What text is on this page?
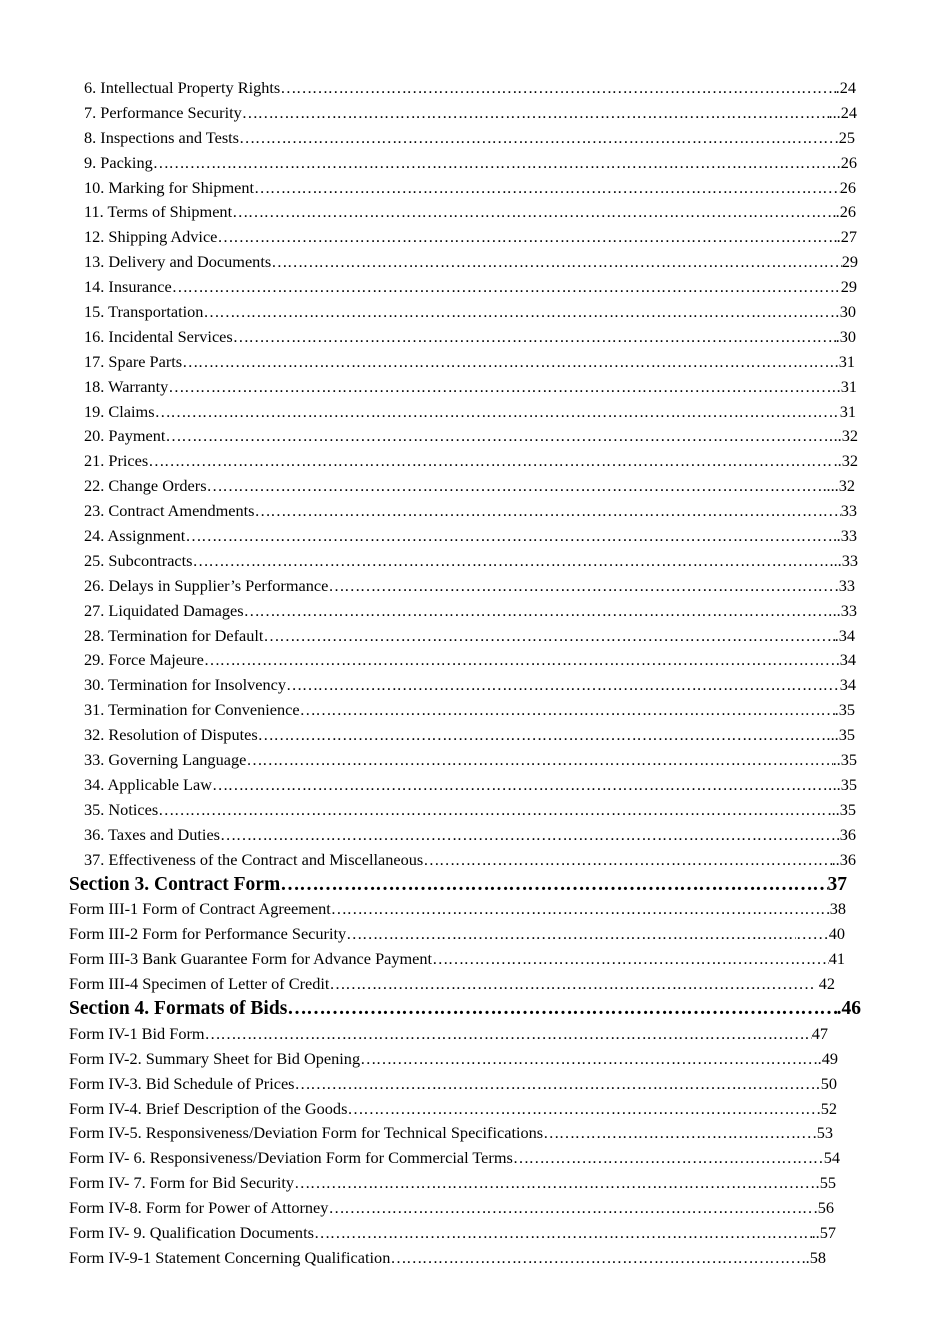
6. Intellectual Property Rights ……………………………………………………………………………………………………………………………………………………………………………………………………………	.24
7. Performance Security ……………………………………………………………………………………………………………………………………………………………………………………………………………	...24
8. Inspections and Tests ……………………………………………………………………………………………………………………………………………………………………………………………………………	.25
9. Packing ……………………………………………………………………………………………………………………………………………………………………………………………………………	.26
10. Marking for Shipment ……………………………………………………………………………………………………………………………………………………………………………………………………………	26
11. Terms of Shipment ……………………………………………………………………………………………………………………………………………………………………………………………………………	.26
12. Shipping Advice ……………………………………………………………………………………………………………………………………………………………………………………………………………	.27
13. Delivery and Documents ……………………………………………………………………………………………………………………………………………………………………………………………………………	29
14. Insurance ……………………………………………………………………………………………………………………………………………………………………………………………………………	29
15. Transportation ……………………………………………………………………………………………………………………………………………………………………………………………………………	30
16. Incidental Services ……………………………………………………………………………………………………………………………………………………………………………………………………………	.30
17. Spare Parts ……………………………………………………………………………………………………………………………………………………………………………………………………………	.31
18. Warranty ……………………………………………………………………………………………………………………………………………………………………………………………………………	.31
19. Claims ……………………………………………………………………………………………………………………………………………………………………………………………………………	31
20. Payment ……………………………………………………………………………………………………………………………………………………………………………………………………………	..32
21. Prices ……………………………………………………………………………………………………………………………………………………………………………………………………………	..32
22. Change Orders ……………………………………………………………………………………………………………………………………………………………………………………………………………	...32
23. Contract Amendments ……………………………………………………………………………………………………………………………………………………………………………………………………………	33
24. Assignment ……………………………………………………………………………………………………………………………………………………………………………………………………………	.33
25. Subcontracts ……………………………………………………………………………………………………………………………………………………………………………………………………………	...33
26. Delays in Supplier’s Performance ……………………………………………………………………………………………………………………………………………………………………………………………………………	.33
27. Liquidated Damages ……………………………………………………………………………………………………………………………………………………………………………………………………………	..33
28. Termination for Default ……………………………………………………………………………………………………………………………………………………………………………………………………………	.34
29. Force Majeure ……………………………………………………………………………………………………………………………………………………………………………………………………………	34
30. Termination for Insolvency ……………………………………………………………………………………………………………………………………………………………………………………………………………	34
31. Termination for Convenience ……………………………………………………………………………………………………………………………………………………………………………………………………………	.35
32. Resolution of Disputes ……………………………………………………………………………………………………………………………………………………………………………………………………………	..35
33. Governing Language ……………………………………………………………………………………………………………………………………………………………………………………………………………	..35
34. Applicable Law ……………………………………………………………………………………………………………………………………………………………………………………………………………	..35
35. Notices ……………………………………………………………………………………………………………………………………………………………………………………………………………	...35
36. Taxes and Duties ……………………………………………………………………………………………………………………………………………………………………………………………………………	36
37. Effectiveness of the Contract and Miscellaneous ……………………………………………………………………………………………………………………………………………………………………………………………………………	..36
Section 3. Contract Form ……………………………………………………………………………………………………………………………………………………………………………………………………………	37
Form III-1 Form of Contract Agreement ……………………………………………………………………………………………………………………………………………………………………………………………………………	38
Form III-2 Form for Performance Security ……………………………………………………………………………………………………………………………………………………………………………………………………………	……40
Form III-3 Bank Guarantee Form for Advance Payment ……………………………………………………………………………………………………………………………………………………………………………………………………………	41
Form III-4 Specimen of Letter of Credit ……………………………………………………………………………………………………………………………………………………………………………………………………………	……… 42
Section 4. Formats of Bids ……………………………………………………………………………………………………………………………………………………………………………………………………………	.46
Form IV-1 Bid Form ……………………………………………………………………………………………………………………………………………………………………………………………………………	47
Form IV-2. Summary Sheet for Bid Opening ……………………………………………………………………………………………………………………………………………………………………………………………………………	.49
Form IV-3. Bid Schedule of Prices ……………………………………………………………………………………………………………………………………………………………………………………………………………	50
Form IV-4. Brief Description of the Goods ……………………………………………………………………………………………………………………………………………………………………………………………………………	.52
Form IV-5. Responsiveness/Deviation Form for Technical Specifications ……………………………………………………………………………………………………………………………………………………………………………………………………………	.53
Form IV- 6. Responsiveness/Deviation Form for Commercial Terms ……………………………………………………………………………………………………………………………………………………………………………………………………………	54
Form IV- 7. Form for Bid Security ……………………………………………………………………………………………………………………………………………………………………………………………………………	55
Form IV-8. Form for Power of Attorney ……………………………………………………………………………………………………………………………………………………………………………………………………………	.56
Form IV- 9. Qualification Documents ……………………………………………………………………………………………………………………………………………………………………………………………………………	..57
Form IV-9-1 Statement Concerning Qualification ……………………………………………………………………………………………………………………………………………………………………………………………………………	..58
